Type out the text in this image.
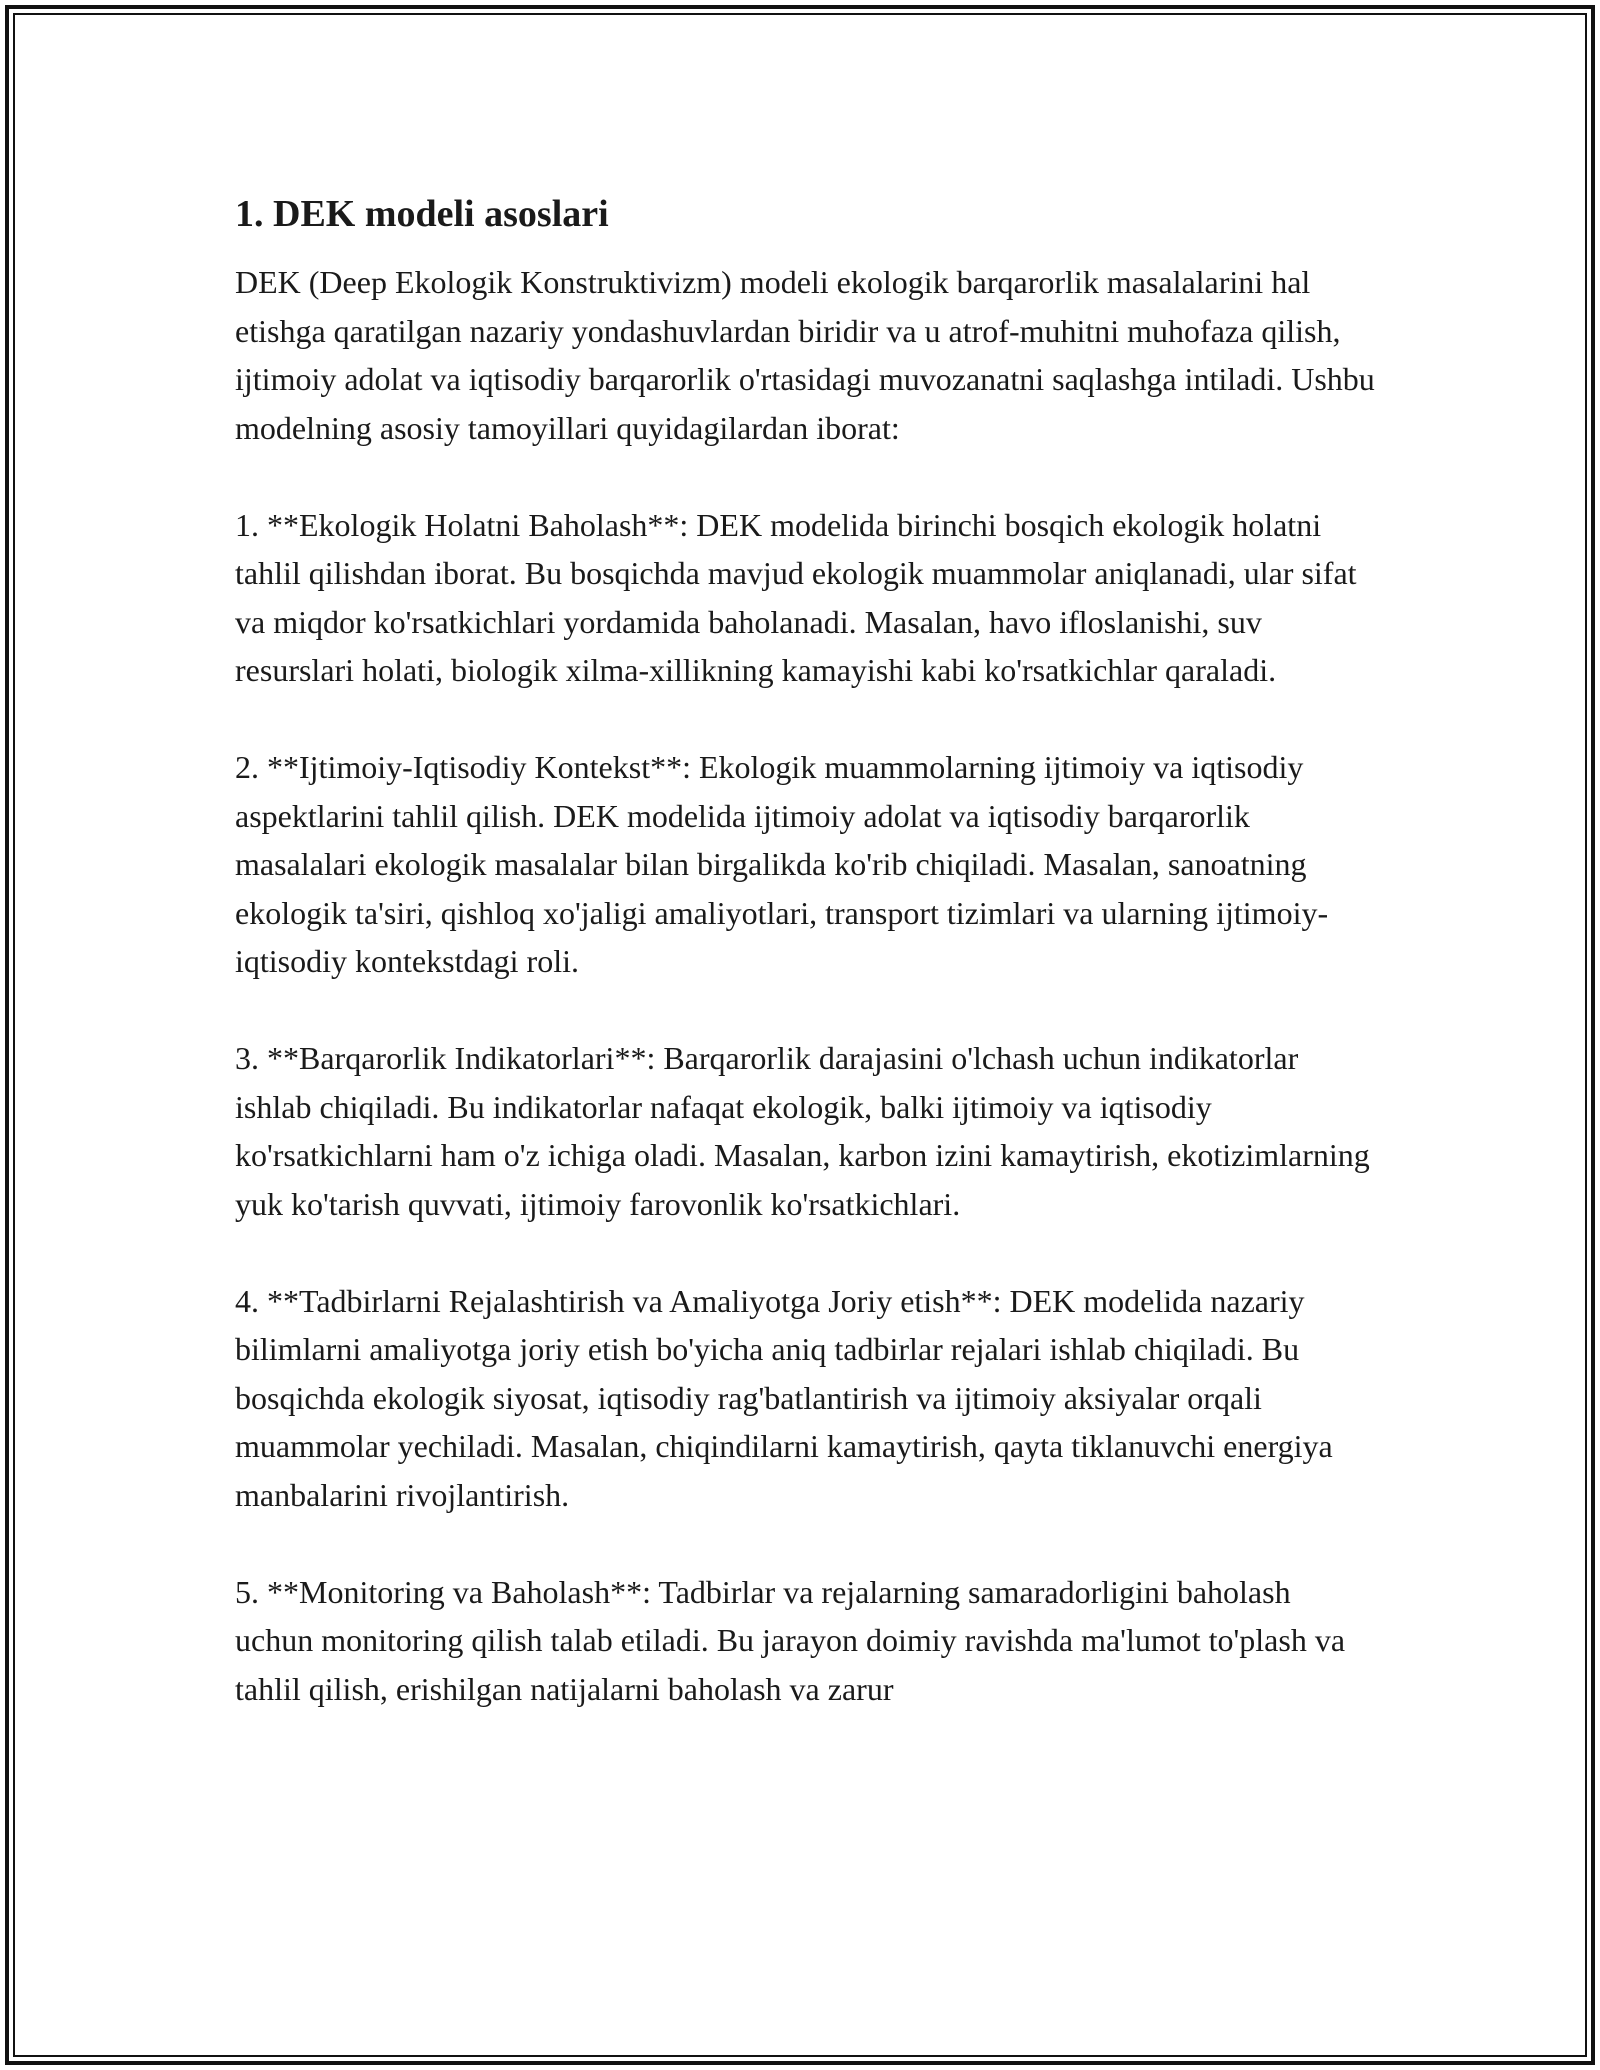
1. DEK modeli asoslari

DEK (Deep Ekologik Konstruktivizm) modeli ekologik barqarorlik masalalarini hal etishga qaratilgan nazariy yondashuvlardan biridir va u atrof-muhitni muhofaza qilish, ijtimoiy adolat va iqtisodiy barqarorlik o'rtasidagi muvozanatni saqlashga intiladi. Ushbu modelning asosiy tamoyillari quyidagilardan iborat:

1. **Ekologik Holatni Baholash**: DEK modelida birinchi bosqich ekologik holatni tahlil qilishdan iborat. Bu bosqichda mavjud ekologik muammolar aniqlanadi, ular sifat va miqdor ko'rsatkichlari yordamida baholanadi. Masalan, havo ifloslanishi, suv resurslari holati, biologik xilma-xillikning kamayishi kabi ko'rsatkichlar qaraladi.

2. **Ijtimoiy-Iqtisodiy Kontekst**: Ekologik muammolarning ijtimoiy va iqtisodiy aspektlarini tahlil qilish. DEK modelida ijtimoiy adolat va iqtisodiy barqarorlik masalalari ekologik masalalar bilan birgalikda ko'rib chiqiladi. Masalan, sanoatning ekologik ta'siri, qishloq xo'jaligi amaliyotlari, transport tizimlari va ularning ijtimoiy-iqtisodiy kontekstdagi roli.

3. **Barqarorlik Indikatorlari**: Barqarorlik darajasini o'lchash uchun indikatorlar ishlab chiqiladi. Bu indikatorlar nafaqat ekologik, balki ijtimoiy va iqtisodiy ko'rsatkichlarni ham o'z ichiga oladi. Masalan, karbon izini kamaytirish, ekotizimlarning yuk ko'tarish quvvati, ijtimoiy farovonlik ko'rsatkichlari.

4. **Tadbirlarni Rejalashtirish va Amaliyotga Joriy etish**: DEK modelida nazariy bilimlarni amaliyotga joriy etish bo'yicha aniq tadbirlar rejalari ishlab chiqiladi. Bu bosqichda ekologik siyosat, iqtisodiy rag'batlantirish va ijtimoiy aksiyalar orqali muammolar yechiladi. Masalan, chiqindilarni kamaytirish, qayta tiklanuvchi energiya manbalarini rivojlantirish.

5. **Monitoring va Baholash**: Tadbirlar va rejalarning samaradorligini baholash uchun monitoring qilish talab etiladi. Bu jarayon doimiy ravishda ma'lumot to'plash va tahlil qilish, erishilgan natijalarni baholash va zarur
